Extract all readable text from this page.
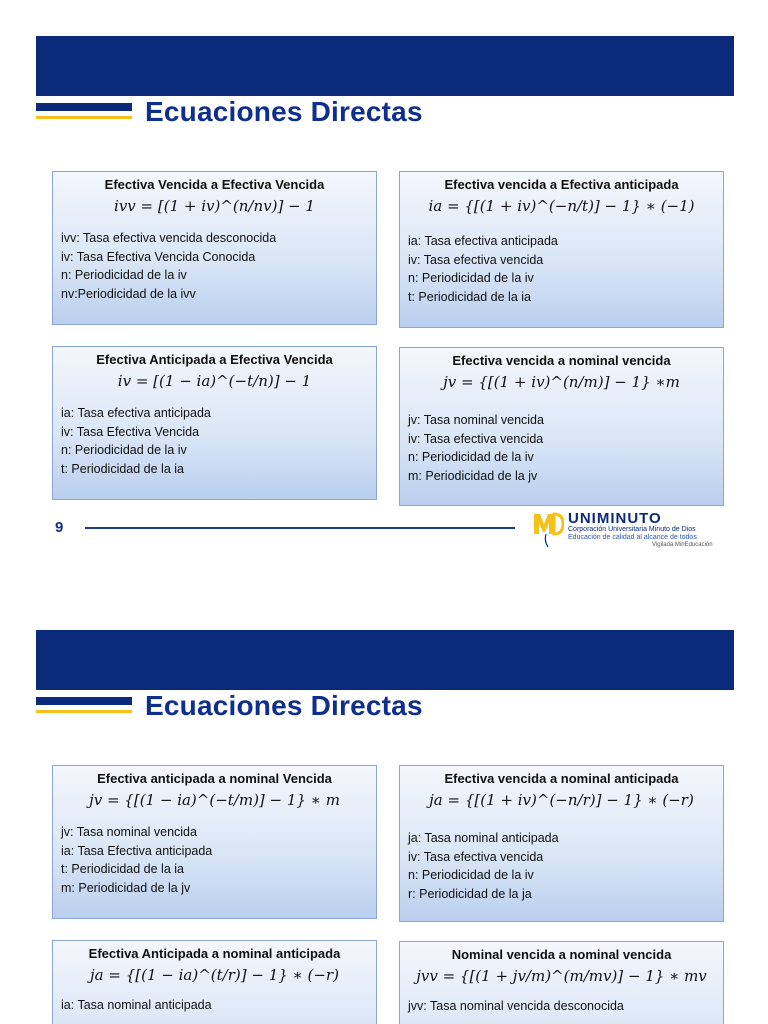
Ecuaciones Directas
Efectiva Vencida a Efectiva Vencida
ivv = [(1 + iv)^(n/nv)] − 1
ivv: Tasa efectiva vencida desconocida
iv: Tasa Efectiva Vencida Conocida
n: Periodicidad de la iv
nv:Periodicidad de la ivv
Efectiva vencida a Efectiva anticipada
ia = {[(1 + iv)^(−n/t)] − 1} ∗ (−1)
ia: Tasa efectiva anticipada
iv: Tasa efectiva vencida
n: Periodicidad de la iv
t: Periodicidad de la ia
Efectiva Anticipada a Efectiva Vencida
iv = [(1 − ia)^(−t/n)] − 1
ia: Tasa efectiva anticipada
iv: Tasa Efectiva Vencida
n: Periodicidad de la iv
t: Periodicidad de la ia
Efectiva vencida a nominal vencida
jv = {[(1 + iv)^(n/m)] − 1} ∗m
jv: Tasa nominal vencida
iv: Tasa efectiva vencida
n: Periodicidad de la iv
m: Periodicidad de la jv
9
UNIMINUTO
Corporación Universitaria Minuto de Dios
Educación de calidad al alcance de todos
Vigilada MinEducación
Ecuaciones Directas
Efectiva anticipada a nominal Vencida
jv = {[(1 − ia)^(−t/m)] − 1} ∗ m
jv: Tasa nominal vencida
ia: Tasa Efectiva anticipada
t: Periodicidad de la ia
m: Periodicidad de la jv
Efectiva vencida a nominal anticipada
ja = {[(1 + iv)^(−n/r)] − 1} ∗ (−r)
ja: Tasa nominal anticipada
iv: Tasa efectiva vencida
n: Periodicidad de la iv
r: Periodicidad de la ja
Efectiva Anticipada a nominal anticipada
ja = {[(1 − ia)^(t/r)] − 1} ∗ (−r)
ia: Tasa nominal anticipada
Nominal vencida a nominal vencida
jvv = {[(1 + jv/m)^(m/mv)] − 1} ∗ mv
jvv: Tasa nominal vencida desconocida
